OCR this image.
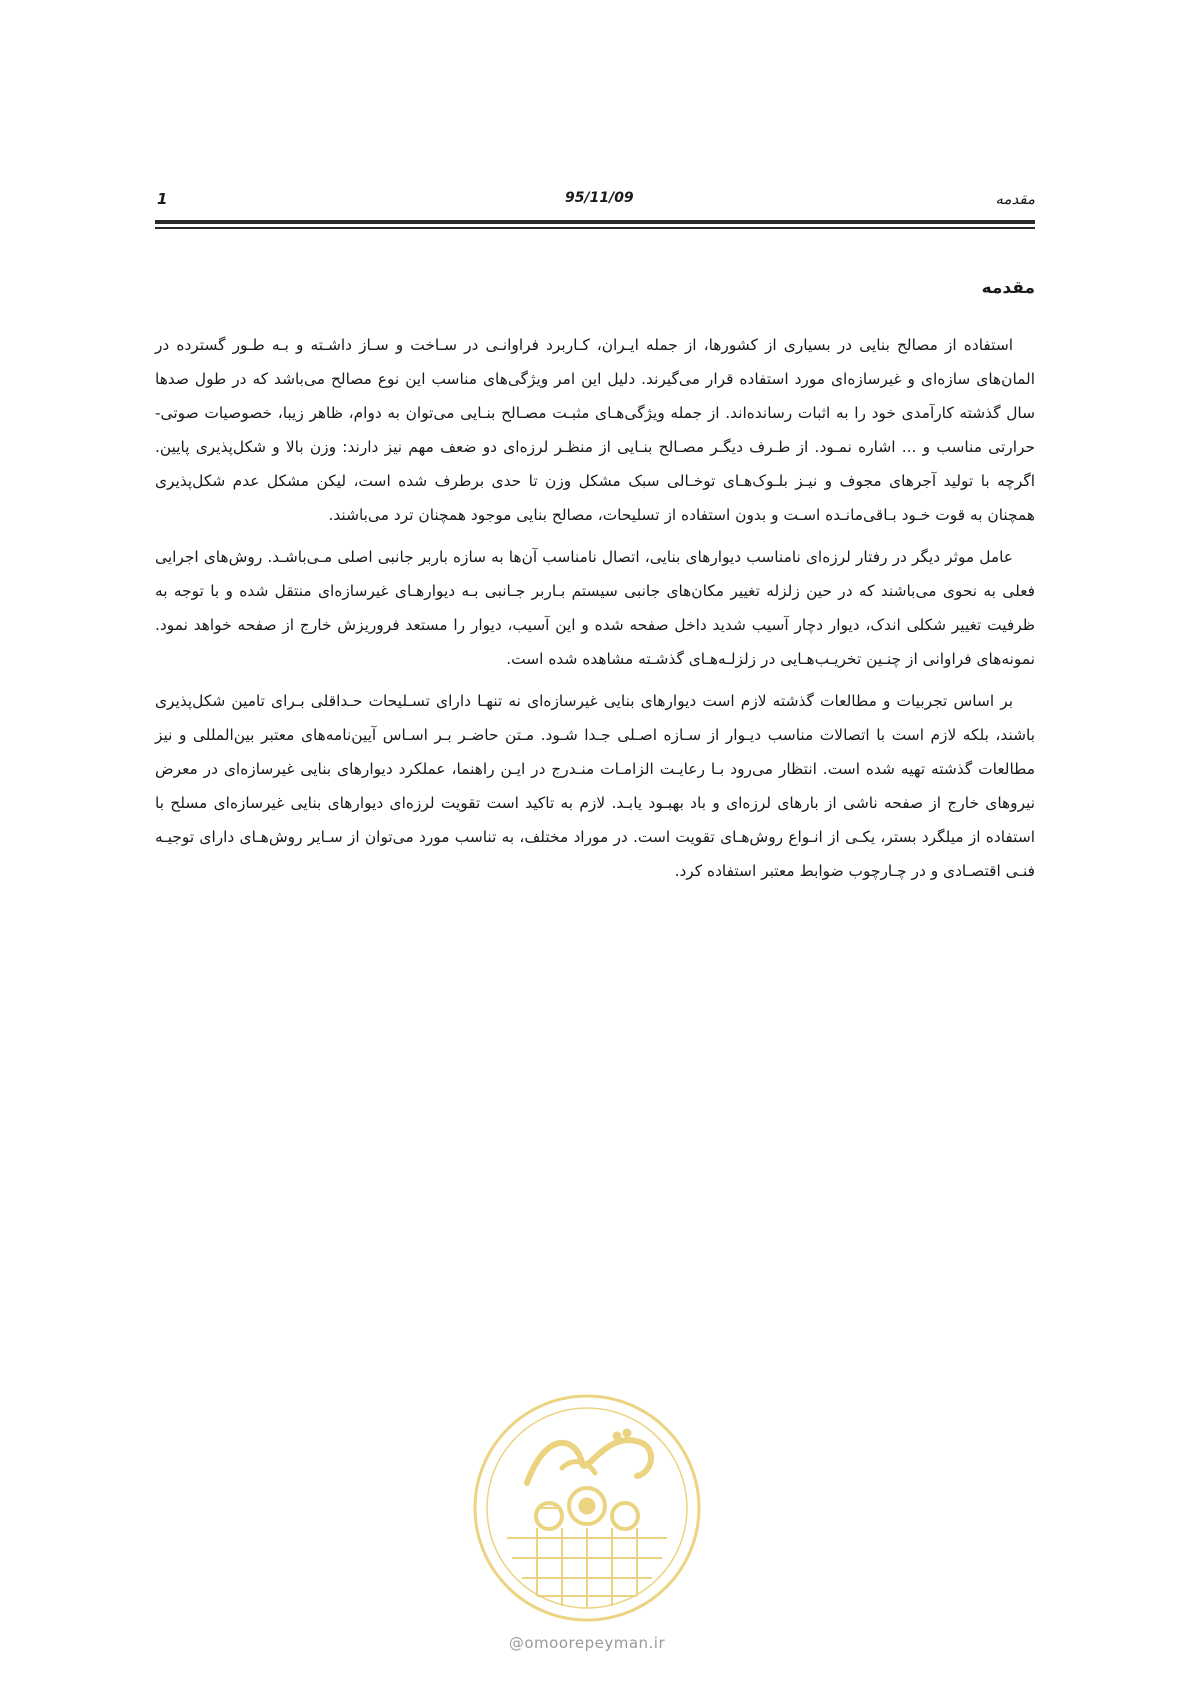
مقدمه
95/11/09
1
مقدمه

استفاده از مصالح بنایی در بسیاری از کشورها، از جمله ایـران، کـاربرد فراوانـی در سـاخت و سـاز داشـته و بـه طـور گسترده در المان‌های سازه‌ای و غیرسازه‌ای مورد استفاده قرار می‌گیرند. دلیل این امر ویژگی‌های مناسب این نوع مصالح می‌باشد که در طول صدها سال گذشته کارآمدی خود را به اثبات رسانده‌اند. از جمله ویژگی‌هـای مثبـت مصـالح بنـایی می‌توان به دوام، ظاهر زیبا، خصوصیات صوتی- حرارتی مناسب و ... اشاره نمـود. از طـرف دیگـر مصـالح بنـایی از منظـر لرزه‌ای دو ضعف مهم نیز دارند: وزن بالا و شکل‌پذیری پایین. اگرچه با تولید آجرهای مجوف و نیـز بلـوک‌هـای توخـالی سبک مشکل وزن تا حدی برطرف شده است، لیکن مشکل عدم شکل‌پذیری همچنان به قوت خـود بـاقی‌مانـده اسـت و بدون استفاده از تسلیحات، مصالح بنایی موجود همچنان ترد می‌باشند.

عامل موثر دیگر در رفتار لرزه‌ای نامناسب دیوارهای بنایی، اتصال نامناسب آن‌ها به سازه باربر جانبی اصلی مـی‌باشـد. روش‌های اجرایی فعلی به نحوی می‌باشند که در حین زلزله تغییر مکان‌های جانبی سیستم بـاربر جـانبی بـه دیوارهـای غیرسازه‌ای منتقل شده و با توجه به ظرفیت تغییر شکلی اندک، دیوار دچار آسیب شدید داخل صفحه شده و این آسیب، دیوار را مستعد فروریزش خارج از صفحه خواهد نمود. نمونه‌های فراوانی از چنـین تخریـب‌هـایی در زلزلـه‌هـای گذشـته مشاهده شده است.

بر اساس تجربیات و مطالعات گذشته لازم است دیوارهای بنایی غیرسازه‌ای نه تنهـا دارای تسـلیحات حـداقلی بـرای تامین شکل‌پذیری باشند، بلکه لازم است با اتصالات مناسب دیـوار از سـازه اصـلی جـدا شـود. مـتن حاضـر بـر اسـاس آیین‌نامه‌های معتبر بین‌المللی و نیز مطالعات گذشته تهیه شده است. انتظار می‌رود بـا رعایـت الزامـات منـدرج در ایـن راهنما، عملکرد دیوارهای بنایی غیرسازه‌ای در معرض نیروهای خارج از صفحه ناشی از بارهای لرزه‌ای و باد بهبـود یابـد. لازم به تاکید است تقویت لرزه‌ای دیوارهای بنایی غیرسازه‌ای مسلح با استفاده از میلگرد بستر، یکـی از انـواع روش‌هـای تقویت است. در موراد مختلف، به تناسب مورد می‌توان از سـایر روش‌هـای دارای توجیـه فنـی اقتصـادی و در چـارچوب ضوابط معتبر استفاده کرد.

@omoorepeyman.ir
